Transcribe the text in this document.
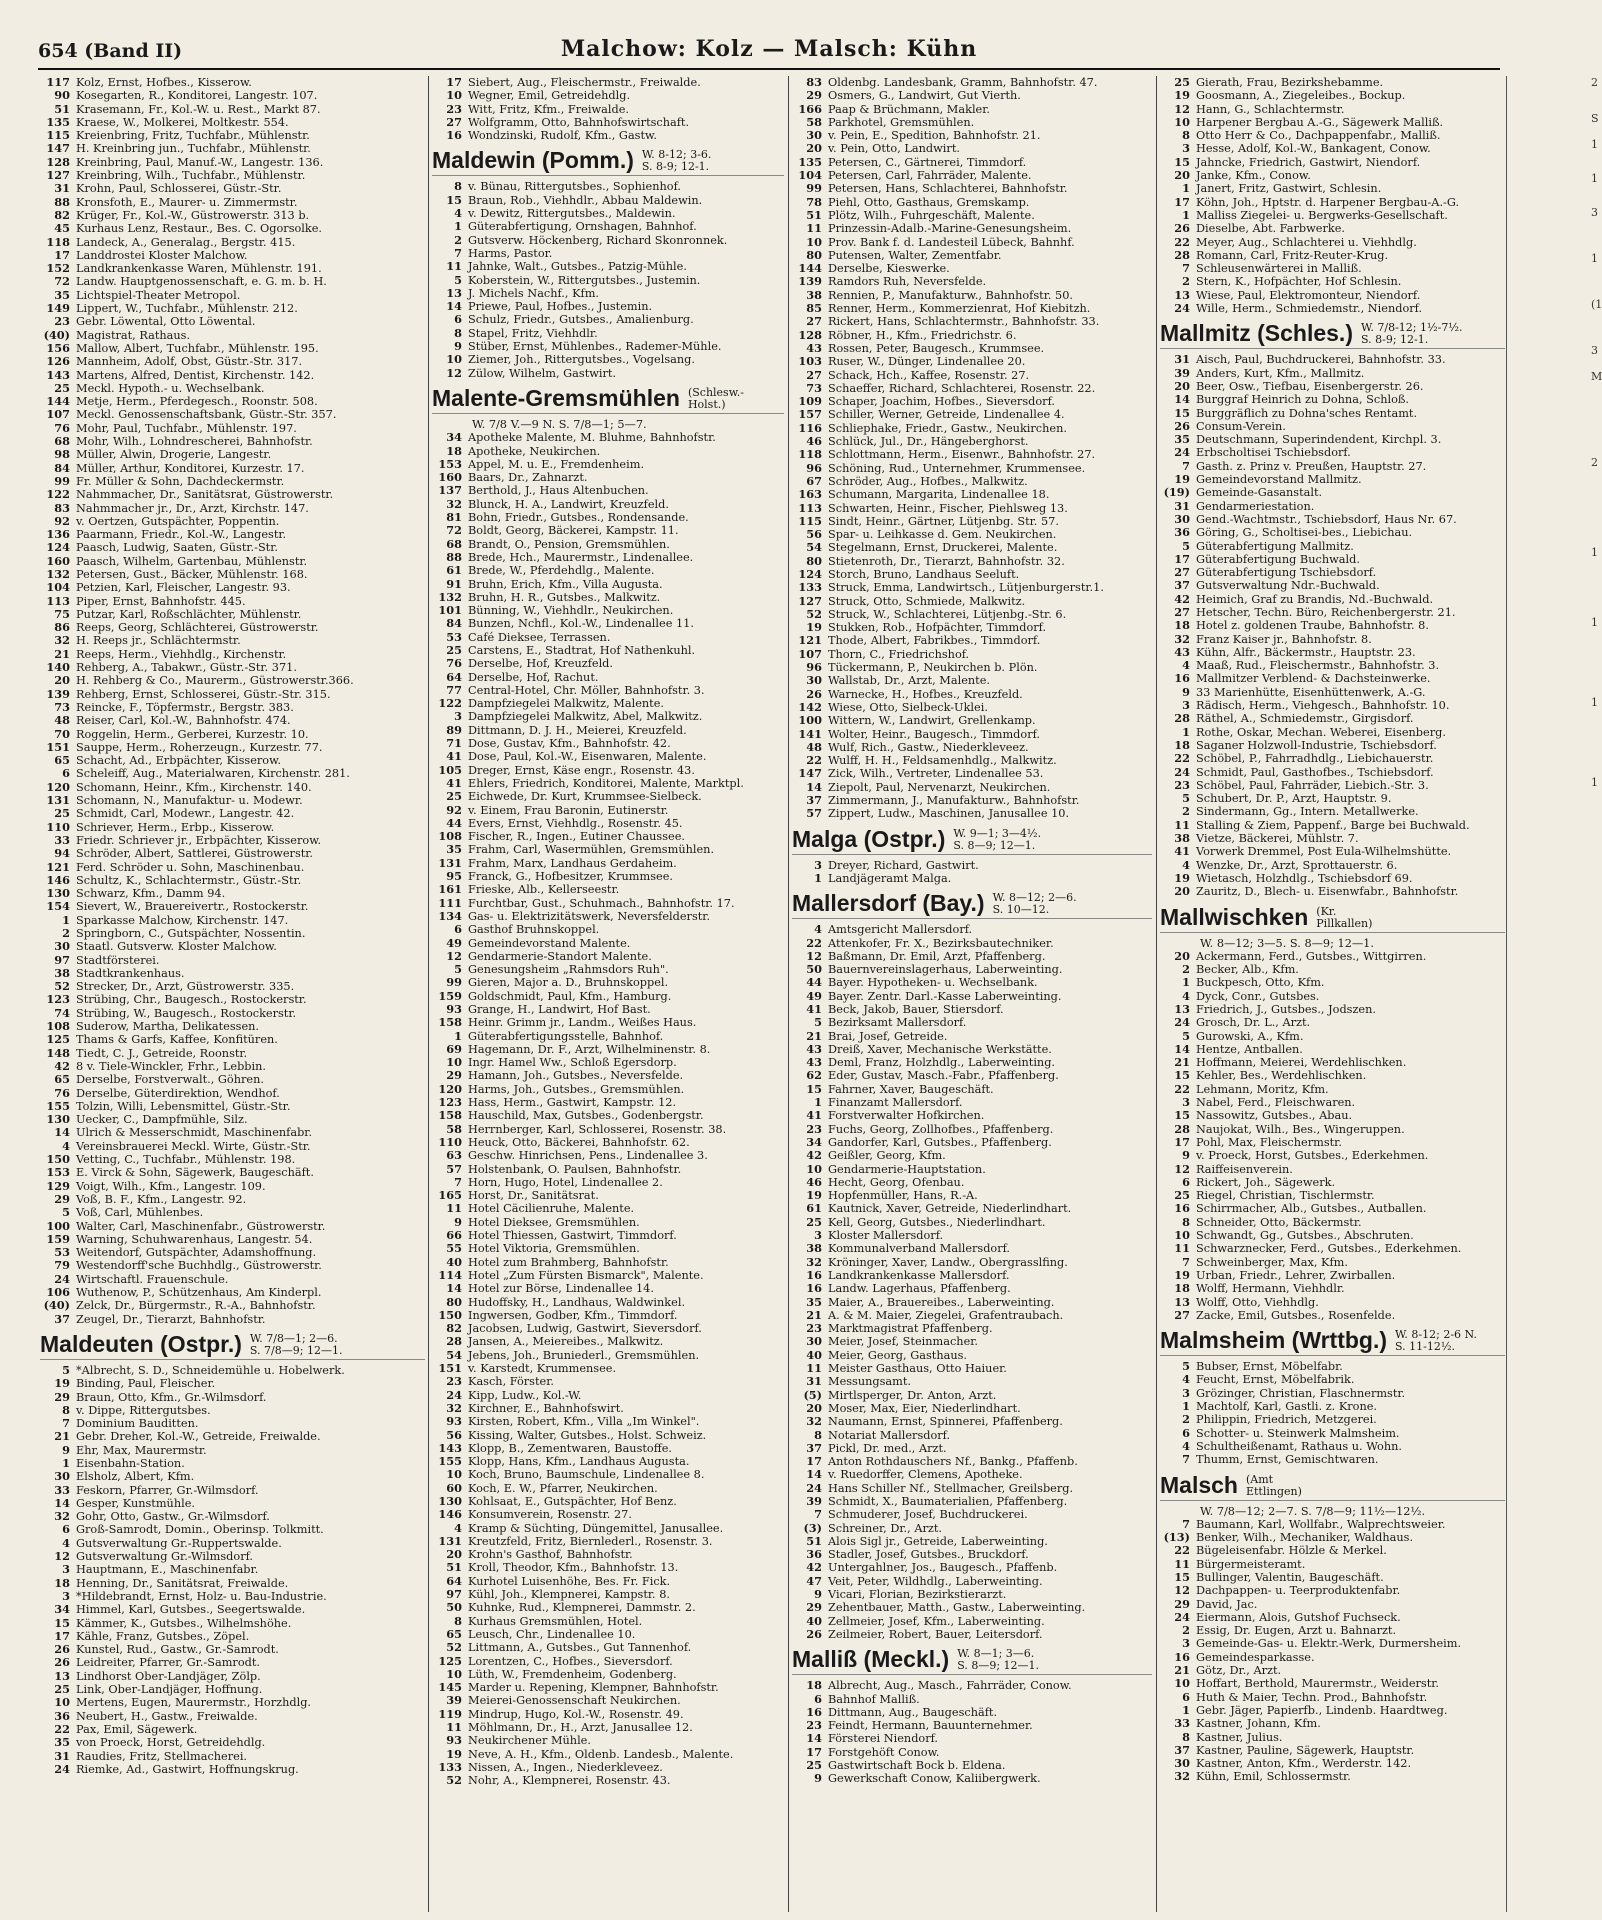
654 (Band II)	Malchow: Kolz — Malsch: Kühn
117 Kolz, Ernst, Hofbes., Kisserow.
90 Kosegarten, R., Konditorei, Langestr. 107.
51 Krasemann, Fr., Kol.-W. u. Rest., Markt 87.
135 Kraese, W., Molkerei, Moltkestr. 554.
115 Kreienbring, Fritz, Tuchfabr., Mühlenstr.
147 H. Kreinbring jun., Tuchfabr., Mühlenstr.
128 Kreinbring, Paul, Manuf.-W., Langestr. 136.
127 Kreinbring, Wilh., Tuchfabr., Mühlenstr.
31 Krohn, Paul, Schlosserei, Güstr.-Str.
88 Kronsfoth, E., Maurer- u. Zimmermstr.
82 Krüger, Fr., Kol.-W., Güstrowerstr. 313 b.
45 Kurhaus Lenz, Restaur., Bes. C. Ogorsolke.
118 Landeck, A., Generalag., Bergstr. 415.
17 Landdrostei Kloster Malchow.
152 Landkrankenkasse Waren, Mühlenstr. 191.
72 Landw. Hauptgenossenschaft, e. G. m. b. H.
35 Lichtspiel-Theater Metropol.
149 Lippert, W., Tuchfabr., Mühlenstr. 212.
23 Gebr. Löwental, Otto Löwental.
(40) Magistrat, Rathaus.
156 Mallow, Albert, Tuchfabr., Mühlenstr. 195.
126 Mannheim, Adolf, Obst, Güstr.-Str. 317.
143 Martens, Alfred, Dentist, Kirchenstr. 142.
25 Meckl. Hypoth.- u. Wechselbank.
144 Metje, Herm., Pferdegesch., Roonstr. 508.
107 Meckl. Genossenschaftsbank, Güstr.-Str. 357.
76 Mohr, Paul, Tuchfabr., Mühlenstr. 197.
68 Mohr, Wilh., Lohndrescherei, Bahnhofstr.
98 Müller, Alwin, Drogerie, Langestr.
84 Müller, Arthur, Konditorei, Kurzestr. 17.
99 Fr. Müller & Sohn, Dachdeckermstr.
122 Nahmmacher, Dr., Sanitätsrat, Güstrowerstr.
83 Nahmmacher jr., Dr., Arzt, Kirchstr. 147.
92 v. Oertzen, Gutspächter, Poppentin.
136 Paarmann, Friedr., Kol.-W., Langestr.
124 Paasch, Ludwig, Saaten, Güstr.-Str.
160 Paasch, Wilhelm, Gartenbau, Mühlenstr.
132 Petersen, Gust., Bäcker, Mühlenstr. 168.
104 Petzien, Karl, Fleischer, Langestr. 93.
113 Piper, Ernst, Bahnhofstr. 445.
75 Putzar, Karl, Roßschlächter, Mühlenstr.
86 Reeps, Georg, Schlächterei, Güstrowerstr.
32 H. Reeps jr., Schlächtermstr.
21 Reeps, Herm., Viehhdlg., Kirchenstr.
140 Rehberg, A., Tabakwr., Güstr.-Str. 371.
20 H. Rehberg & Co., Maurerm., Güstrowerstr.366.
139 Rehberg, Ernst, Schlosserei, Güstr.-Str. 315.
73 Reincke, F., Töpfermstr., Bergstr. 383.
48 Reiser, Carl, Kol.-W., Bahnhofstr. 474.
70 Roggelin, Herm., Gerberei, Kurzestr. 10.
151 Sauppe, Herm., Roherzeugn., Kurzestr. 77.
65 Schacht, Ad., Erbpächter, Kisserow.
6 Scheleiff, Aug., Materialwaren, Kirchenstr. 281.
120 Schomann, Heinr., Kfm., Kirchenstr. 140.
131 Schomann, N., Manufaktur- u. Modewr.
25 Schmidt, Carl, Modewr., Langestr. 42.
110 Schriever, Herm., Erbp., Kisserow.
33 Friedr. Schriever jr., Erbpächter, Kisserow.
94 Schröder, Albert, Sattlerei, Güstrowerstr.
121 Ferd. Schröder u. Sohn, Maschinenbau.
146 Schultz, K., Schlachtermstr., Güstr.-Str.
130 Schwarz, Kfm., Damm 94.
154 Sievert, W., Brauereivertr., Rostockerstr.
1 Sparkasse Malchow, Kirchenstr. 147.
2 Springborn, C., Gutspächter, Nossentin.
30 Staatl. Gutsverw. Kloster Malchow.
97 Stadtförsterei.
38 Stadtkrankenhaus.
52 Strecker, Dr., Arzt, Güstrowerstr. 335.
123 Strübing, Chr., Baugesch., Rostockerstr.
74 Strübing, W., Baugesch., Rostockerstr.
108 Suderow, Martha, Delikatessen.
125 Thams & Garfs, Kaffee, Konfitüren.
148 Tiedt, C. J., Getreide, Roonstr.
42 8 v. Tiele-Winckler, Frhr., Lebbin.
65 Derselbe, Forstverwalt., Göhren.
76 Derselbe, Güterdirektion, Wendhof.
155 Tolzin, Willi, Lebensmittel, Güstr.-Str.
130 Uecker, C., Dampfmühle, Silz.
14 Ulrich & Messerschmidt, Maschinenfabr.
4 Vereinsbrauerei Meckl. Wirte, Güstr.-Str.
150 Vetting, C., Tuchfabr., Mühlenstr. 198.
153 E. Virck & Sohn, Sägewerk, Baugeschäft.
129 Voigt, Wilh., Kfm., Langestr. 109.
29 Voß, B. F., Kfm., Langestr. 92.
5 Voß, Carl, Mühlenbes.
100 Walter, Carl, Maschinenfabr., Güstrowerstr.
159 Warning, Schuhwarenhaus, Langestr. 54.
53 Weitendorf, Gutspächter, Adamshoffnung.
79 Westendorff'sche Buchhdlg., Güstrowerstr.
24 Wirtschaftl. Frauenschule.
106 Wuthenow, P., Schützenhaus, Am Kinderpl.
(40) Zelck, Dr., Bürgermstr., R.-A., Bahnhofstr.
37 Zeugel, Dr., Tierarzt, Bahnhofstr.
Maldeuten (Ostpr.) W. 7/8—1; 2—6.
S. 7/8—9; 12—1.
5 *Albrecht, S. D., Schneidemühle u. Hobelwerk.
19 Binding, Paul, Fleischer.
29 Braun, Otto, Kfm., Gr.-Wilmsdorf.
8 v. Dippe, Rittergutsbes.
7 Dominium Bauditten.
21 Gebr. Dreher, Kol.-W., Getreide, Freiwalde.
9 Ehr, Max, Maurermstr.
1 Eisenbahn-Station.
30 Elsholz, Albert, Kfm.
33 Feskorn, Pfarrer, Gr.-Wilmsdorf.
14 Gesper, Kunstmühle.
32 Gohr, Otto, Gastw., Gr.-Wilmsdorf.
6 Groß-Samrodt, Domin., Oberinsp. Tolkmitt.
4 Gutsverwaltung Gr.-Ruppertswalde.
12 Gutsverwaltung Gr.-Wilmsdorf.
3 Hauptmann, E., Maschinenfabr.
18 Henning, Dr., Sanitätsrat, Freiwalde.
3 *Hildebrandt, Ernst, Holz- u. Bau-Industrie.
34 Himmel, Karl, Gutsbes., Seegertswalde.
15 Kämmer, K., Gutsbes., Wilhelmshöhe.
17 Kähle, Franz, Gutsbes., Zöpel.
26 Kunstel, Rud., Gastw., Gr.-Samrodt.
26 Leidreiter, Pfarrer, Gr.-Samrodt.
13 Lindhorst Ober-Landjäger, Zölp.
25 Link, Ober-Landjäger, Hoffnung.
10 Mertens, Eugen, Maurermstr., Horzhdlg.
36 Neubert, H., Gastw., Freiwalde.
22 Pax, Emil, Sägewerk.
35 von Proeck, Horst, Getreidehdlg.
31 Raudies, Fritz, Stellmacherei.
24 Riemke, Ad., Gastwirt, Hoffnungskrug.
17 Siebert, Aug., Fleischermstr., Freiwalde.
10 Wegner, Emil, Getreidehdlg.
23 Witt, Fritz, Kfm., Freiwalde.
27 Wolfgramm, Otto, Bahnhofswirtschaft.
16 Wondzinski, Rudolf, Kfm., Gastw.
Maldewin (Pomm.) W. 8-12; 3-6.
S. 8-9; 12-1.
8 v. Bünau, Rittergutsbes., Sophienhof.
15 Braun, Rob., Viehhdlr., Abbau Maldewin.
4 v. Dewitz, Rittergutsbes., Maldewin.
1 Güterabfertigung, Ornshagen, Bahnhof.
2 Gutsverw. Höckenberg, Richard Skonronnek.
7 Harms, Pastor.
11 Jahnke, Walt., Gutsbes., Patzig-Mühle.
5 Koberstein, W., Rittergutsbes., Justemin.
13 J. Michels Nachf., Kfm.
14 Priewe, Paul, Hofbes., Justemin.
6 Schulz, Friedr., Gutsbes., Amalienburg.
8 Stapel, Fritz, Viehhdlr.
9 Stüber, Ernst, Mühlenbes., Rademer-Mühle.
10 Ziemer, Joh., Rittergutsbes., Vogelsang.
12 Zülow, Wilhelm, Gastwirt.
Malente-Gremsmühlen (Schlesw.-
Holst.)
W. 7/8 V.—9 N. S. 7/8—1; 5—7.
34 Apotheke Malente, M. Bluhme, Bahnhofstr.
18 Apotheke, Neukirchen.
153 Appel, M. u. E., Fremdenheim.
160 Baars, Dr., Zahnarzt.
137 Berthold, J., Haus Altenbuchen.
32 Blunck, H. A., Landwirt, Kreuzfeld.
81 Bohn, Friedr., Gutsbes., Rondensande.
72 Boldt, Georg, Bäckerei, Kampstr. 11.
68 Brandt, O., Pension, Gremsmühlen.
88 Brede, Hch., Maurermstr., Lindenallee.
61 Brede, W., Pferdehdlg., Malente.
91 Bruhn, Erich, Kfm., Villa Augusta.
132 Bruhn, H. R., Gutsbes., Malkwitz.
101 Bünning, W., Viehhdlr., Neukirchen.
84 Bunzen, Nchfl., Kol.-W., Lindenallee 11.
53 Café Dieksee, Terrassen.
25 Carstens, E., Stadtrat, Hof Nathenkuhl.
76 Derselbe, Hof, Kreuzfeld.
64 Derselbe, Hof, Rachut.
77 Central-Hotel, Chr. Möller, Bahnhofstr. 3.
122 Dampfziegelei Malkwitz, Malente.
3 Dampfziegelei Malkwitz, Abel, Malkwitz.
89 Dittmann, D. J. H., Meierei, Kreuzfeld.
71 Dose, Gustav, Kfm., Bahnhofstr. 42.
41 Dose, Paul, Kol.-W., Eisenwaren, Malente.
105 Dreger, Ernst, Käse engr., Rosenstr. 43.
41 Ehlers, Friedrich, Konditorei, Malente, Marktpl.
25 Eichwede, Dr. Kurt, Krummsee-Sielbeck.
92 v. Einem, Frau Baronin, Eutinerstr.
44 Evers, Ernst, Viehhdlg., Rosenstr. 45.
108 Fischer, R., Ingen., Eutiner Chaussee.
35 Frahm, Carl, Wasermühlen, Gremsmühlen.
131 Frahm, Marx, Landhaus Gerdaheim.
95 Franck, G., Hofbesitzer, Krummsee.
161 Frieske, Alb., Kellerseestr.
111 Furchtbar, Gust., Schuhmach., Bahnhofstr. 17.
134 Gas- u. Elektrizitätswerk, Neversfelderstr.
6 Gasthof Bruhnskoppel.
49 Gemeindevorstand Malente.
12 Gendarmerie-Standort Malente.
5 Genesungsheim „Rahmsdors Ruh".
99 Gieren, Major a. D., Bruhnskoppel.
159 Goldschmidt, Paul, Kfm., Hamburg.
93 Grange, H., Landwirt, Hof Bast.
158 Heinr. Grimm jr., Landm., Weißes Haus.
1 Güterabfertigungsstelle, Bahnhof.
69 Hagemann, Dr. F., Arzt, Wilhelminenstr. 8.
10 Ingr. Hamel Ww., Schloß Egersdorp.
29 Hamann, Joh., Gutsbes., Neversfelde.
120 Harms, Joh., Gutsbes., Gremsmühlen.
123 Hass, Herm., Gastwirt, Kampstr. 12.
158 Hauschild, Max, Gutsbes., Godenbergstr.
58 Herrnberger, Karl, Schlosserei, Rosenstr. 38.
110 Heuck, Otto, Bäckerei, Bahnhofstr. 62.
63 Geschw. Hinrichsen, Pens., Lindenallee 3.
57 Holstenbank, O. Paulsen, Bahnhofstr.
7 Horn, Hugo, Hotel, Lindenallee 2.
165 Horst, Dr., Sanitätsrat.
11 Hotel Cäcilienruhe, Malente.
9 Hotel Dieksee, Gremsmühlen.
66 Hotel Thiessen, Gastwirt, Timmdorf.
55 Hotel Viktoria, Gremsmühlen.
40 Hotel zum Brahmberg, Bahnhofstr.
114 Hotel „Zum Fürsten Bismarck", Malente.
14 Hotel zur Börse, Lindenallee 14.
80 Hudoffsky, H., Landhaus, Waldwinkel.
150 Ingwersen, Godber, Kfm., Timmdorf.
82 Jacobsen, Ludwig, Gastwirt, Sieversdorf.
28 Jansen, A., Meiereibes., Malkwitz.
54 Jebens, Joh., Bruniederl., Gremsmühlen.
151 v. Karstedt, Krummensee.
23 Kasch, Förster.
24 Kipp, Ludw., Kol.-W.
32 Kirchner, E., Bahnhofswirt.
93 Kirsten, Robert, Kfm., Villa „Im Winkel".
56 Kissing, Walter, Gutsbes., Holst. Schweiz.
143 Klopp, B., Zementwaren, Baustoffe.
155 Klopp, Hans, Kfm., Landhaus Augusta.
10 Koch, Bruno, Baumschule, Lindenallee 8.
60 Koch, E. W., Pfarrer, Neukirchen.
130 Kohlsaat, E., Gutspächter, Hof Benz.
146 Konsumverein, Rosenstr. 27.
4 Kramp & Süchting, Düngemittel, Janusallee.
131 Kreutzfeld, Fritz, Biernlederl., Rosenstr. 3.
20 Krohn's Gasthof, Bahnhofstr.
51 Kroll, Theodor, Kfm., Bahnhofstr. 13.
64 Kurhotel Luisenhöhe, Bes. Fr. Fick.
97 Kühl, Joh., Klempnerei, Kampstr. 8.
50 Kuhnke, Rud., Klempnerei, Dammstr. 2.
8 Kurhaus Gremsmühlen, Hotel.
65 Leusch, Chr., Lindenallee 10.
52 Littmann, A., Gutsbes., Gut Tannenhof.
125 Lorentzen, C., Hofbes., Sieversdorf.
10 Lüth, W., Fremdenheim, Godenberg.
145 Marder u. Repening, Klempner, Bahnhofstr.
39 Meierei-Genossenschaft Neukirchen.
119 Mindrup, Hugo, Kol.-W., Rosenstr. 49.
11 Möhlmann, Dr., H., Arzt, Janusallee 12.
93 Neukirchener Mühle.
19 Neve, A. H., Kfm., Oldenb. Landesb., Malente.
133 Nissen, A., Ingen., Niederkleveez.
52 Nohr, A., Klempnerei, Rosenstr. 43.
83 Oldenbg. Landesbank, Gramm, Bahnhofstr. 47.
29 Osmers, G., Landwirt, Gut Vierth.
166 Paap & Brüchmann, Makler.
58 Parkhotel, Gremsmühlen.
30 v. Pein, E., Spedition, Bahnhofstr. 21.
20 v. Pein, Otto, Landwirt.
135 Petersen, C., Gärtnerei, Timmdorf.
104 Petersen, Carl, Fahrräder, Malente.
99 Petersen, Hans, Schlachterei, Bahnhofstr.
78 Piehl, Otto, Gasthaus, Gremskamp.
51 Plötz, Wilh., Fuhrgeschäft, Malente.
11 Prinzessin-Adalb.-Marine-Genesungsheim.
10 Prov. Bank f. d. Landesteil Lübeck, Bahnhf.
80 Putensen, Walter, Zementfabr.
144 Derselbe, Kieswerke.
139 Ramdors Ruh, Neversfelde.
38 Rennien, P., Manufakturw., Bahnhofstr. 50.
85 Renner, Herm., Kommerzienrat, Hof Kiebitzh.
27 Rickert, Hans, Schlachtermstr., Bahnhofstr. 33.
128 Röbner, H., Kfm., Friedrichstr. 6.
43 Rossen, Peter, Baugesch., Krummsee.
103 Ruser, W., Dünger, Lindenallee 20.
27 Schack, Hch., Kaffee, Rosenstr. 27.
73 Schaeffer, Richard, Schlachterei, Rosenstr. 22.
109 Schaper, Joachim, Hofbes., Sieversdorf.
157 Schiller, Werner, Getreide, Lindenallee 4.
116 Schliephake, Friedr., Gastw., Neukirchen.
46 Schlück, Jul., Dr., Hängeberghorst.
118 Schlottmann, Herm., Eisenwr., Bahnhofstr. 27.
96 Schöning, Rud., Unternehmer, Krummensee.
67 Schröder, Aug., Hofbes., Malkwitz.
163 Schumann, Margarita, Lindenallee 18.
113 Schwarten, Heinr., Fischer, Piehlsweg 13.
115 Sindt, Heinr., Gärtner, Lütjenbg. Str. 57.
56 Spar- u. Leihkasse d. Gem. Neukirchen.
54 Stegelmann, Ernst, Druckerei, Malente.
80 Stietenroth, Dr., Tierarzt, Bahnhofstr. 32.
124 Storch, Bruno, Landhaus Seeluft.
133 Struck, Emma, Landwirtsch., Lütjenburgerstr.1.
127 Struck, Otto, Schmiede, Malkwitz.
52 Struck, W., Schlachterei, Lütjenbg.-Str. 6.
19 Stukken, Rob., Hofpächter, Timmdorf.
121 Thode, Albert, Fabrikbes., Timmdorf.
107 Thorn, C., Friedrichshof.
96 Tückermann, P., Neukirchen b. Plön.
30 Wallstab, Dr., Arzt, Malente.
26 Warnecke, H., Hofbes., Kreuzfeld.
142 Wiese, Otto, Sielbeck-Uklei.
100 Wittern, W., Landwirt, Grellenkamp.
141 Wolter, Heinr., Baugesch., Timmdorf.
48 Wulf, Rich., Gastw., Niederkleveez.
22 Wulff, H. H., Feldsamenhdlg., Malkwitz.
147 Zick, Wilh., Vertreter, Lindenallee 53.
14 Ziepolt, Paul, Nervenarzt, Neukirchen.
37 Zimmermann, J., Manufakturw., Bahnhofstr.
57 Zippert, Ludw., Maschinen, Janusallee 10.
Malga (Ostpr.) W. 9—1; 3—4½.
S. 8—9; 12—1.
3 Dreyer, Richard, Gastwirt.
1 Landjägeramt Malga.
Mallersdorf (Bay.) W. 8—12; 2—6.
S. 10—12.
4 Amtsgericht Mallersdorf.
22 Attenkofer, Fr. X., Bezirksbautechniker.
12 Baßmann, Dr. Emil, Arzt, Pfaffenberg.
50 Bauernvereinslagerhaus, Laberweinting.
44 Bayer. Hypotheken- u. Wechselbank.
49 Bayer. Zentr. Darl.-Kasse Laberweinting.
41 Beck, Jakob, Bauer, Stiersdorf.
5 Bezirksamt Mallersdorf.
21 Brai, Josef, Getreide.
43 Dreiß, Xaver, Mechanische Werkstätte.
43 Deml, Franz, Holzhdlg., Laberweinting.
62 Eder, Gustav, Masch.-Fabr., Pfaffenberg.
15 Fahrner, Xaver, Baugeschäft.
1 Finanzamt Mallersdorf.
41 Forstverwalter Hofkirchen.
23 Fuchs, Georg, Zollhofbes., Pfaffenberg.
34 Gandorfer, Karl, Gutsbes., Pfaffenberg.
42 Geißler, Georg, Kfm.
10 Gendarmerie-Hauptstation.
46 Hecht, Georg, Ofenbau.
19 Hopfenmüller, Hans, R.-A.
61 Kautnick, Xaver, Getreide, Niederlindhart.
25 Kell, Georg, Gutsbes., Niederlindhart.
3 Kloster Mallersdorf.
38 Kommunalverband Mallersdorf.
32 Kröninger, Xaver, Landw., Obergrasslfing.
16 Landkrankenkasse Mallersdorf.
16 Landw. Lagerhaus, Pfaffenberg.
35 Maier, A., Brauereibes., Laberweinting.
21 A. & M. Maier, Ziegelei, Grafentraubach.
23 Marktmagistrat Pfaffenberg.
30 Meier, Josef, Steinmacher.
40 Meier, Georg, Gasthaus.
11 Meister Gasthaus, Otto Haiuer.
31 Messungsamt.
(5) Mirtlsperger, Dr. Anton, Arzt.
20 Moser, Max, Eier, Niederlindhart.
32 Naumann, Ernst, Spinnerei, Pfaffenberg.
8 Notariat Mallersdorf.
37 Pickl, Dr. med., Arzt.
17 Anton Rothdauschers Nf., Bankg., Pfaffenb.
14 v. Ruedorffer, Clemens, Apotheke.
24 Hans Schiller Nf., Stellmacher, Greilsberg.
39 Schmidt, X., Baumaterialien, Pfaffenberg.
7 Schmuderer, Josef, Buchdruckerei.
(3) Schreiner, Dr., Arzt.
51 Alois Sigl jr., Getreide, Laberweinting.
36 Stadler, Josef, Gutsbes., Bruckdorf.
42 Untergahlner, Jos., Baugesch., Pfaffenb.
47 Veit, Peter, Wildhdlg., Laberweinting.
9 Vicari, Florian, Bezirkstierarzt.
29 Zehentbauer, Matth., Gastw., Laberweinting.
40 Zellmeier, Josef, Kfm., Laberweinting.
26 Zeilmeier, Robert, Bauer, Leitersdorf.
Malliß (Meckl.) W. 8—1; 3—6.
S. 8—9; 12—1.
18 Albrecht, Aug., Masch., Fahrräder, Conow.
6 Bahnhof Malliß.
16 Dittmann, Aug., Baugeschäft.
23 Feindt, Hermann, Bauunternehmer.
14 Försterei Niendorf.
17 Forstgehöft Conow.
25 Gastwirtschaft Bock b. Eldena.
9 Gewerkschaft Conow, Kaliibergwerk.
25 Gierath, Frau, Bezirkshebamme.
19 Goosmann, A., Ziegeleibes., Bockup.
12 Hann, G., Schlachtermstr.
10 Harpener Bergbau A.-G., Sägewerk Malliß.
8 Otto Herr & Co., Dachpappenfabr., Malliß.
3 Hesse, Adolf, Kol.-W., Bankagent, Conow.
15 Jahncke, Friedrich, Gastwirt, Niendorf.
20 Janke, Kfm., Conow.
1 Janert, Fritz, Gastwirt, Schlesin.
17 Köhn, Joh., Hptstr. d. Harpener Bergbau-A.-G.
1 Malliss Ziegelei- u. Bergwerks-Gesellschaft.
26 Dieselbe, Abt. Farbwerke.
22 Meyer, Aug., Schlachterei u. Viehhdlg.
28 Romann, Carl, Fritz-Reuter-Krug.
7 Schleusenwärterei in Malliß.
2 Stern, K., Hofpächter, Hof Schlesin.
13 Wiese, Paul, Elektromonteur, Niendorf.
24 Wille, Herm., Schmiedemstr., Niendorf.
Mallmitz (Schles.) W. 7/8-12; 1½-7½.
S. 8-9; 12-1.
31 Aisch, Paul, Buchdruckerei, Bahnhofstr. 33.
39 Anders, Kurt, Kfm., Mallmitz.
20 Beer, Osw., Tiefbau, Eisenbergerstr. 26.
14 Burggraf Heinrich zu Dohna, Schloß.
15 Burggräflich zu Dohna'sches Rentamt.
26 Consum-Verein.
35 Deutschmann, Superindendent, Kirchpl. 3.
24 Erbscholtisei Tschiebsdorf.
7 Gasth. z. Prinz v. Preußen, Hauptstr. 27.
19 Gemeindevorstand Mallmitz.
(19) Gemeinde-Gasanstalt.
31 Gendarmeriestation.
30 Gend.-Wachtmstr., Tschiebsdorf, Haus Nr. 67.
36 Göring, G., Scholtisei-bes., Liebichau.
5 Güterabfertigung Mallmitz.
17 Güterabfertigung Buchwald.
27 Güterabfertigung Tschiebsdorf.
37 Gutsverwaltung Ndr.-Buchwald.
42 Heimich, Graf zu Brandis, Nd.-Buchwald.
27 Hetscher, Techn. Büro, Reichenbergerstr. 21.
18 Hotel z. goldenen Traube, Bahnhofstr. 8.
32 Franz Kaiser jr., Bahnhofstr. 8.
43 Kühn, Alfr., Bäckermstr., Hauptstr. 23.
4 Maaß, Rud., Fleischermstr., Bahnhofstr. 3.
16 Mallmitzer Verblend- & Dachsteinwerke.
9 33 Marienhütte, Eisenhüttenwerk, A.-G.
3 Rädisch, Herm., Viehgesch., Bahnhofstr. 10.
28 Räthel, A., Schmiedemstr., Girgisdorf.
1 Rothe, Oskar, Mechan. Weberei, Eisenberg.
18 Saganer Holzwoll-Industrie, Tschiebsdorf.
22 Schöbel, P., Fahrradhdlg., Liebichauerstr.
24 Schmidt, Paul, Gasthofbes., Tschiebsdorf.
23 Schöbel, Paul, Fahrräder, Liebich.-Str. 3.
5 Schubert, Dr. P., Arzt, Hauptstr. 9.
2 Sindermann, Gg., Intern. Metallwerke.
11 Stalling & Ziem, Pappenf., Barge bei Buchwald.
38 Vietze, Bäckerei, Mühlstr. 7.
41 Vorwerk Dremmel, Post Eula-Wilhelmshütte.
4 Wenzke, Dr., Arzt, Sprottauerstr. 6.
19 Wietasch, Holzhdlg., Tschiebsdorf 69.
20 Zauritz, D., Blech- u. Eisenwfabr., Bahnhofstr.
Mallwischken (Kr.
Pillkallen)
W. 8—12; 3—5. S. 8—9; 12—1.
20 Ackermann, Ferd., Gutsbes., Wittgirren.
2 Becker, Alb., Kfm.
1 Buckpesch, Otto, Kfm.
4 Dyck, Conr., Gutsbes.
13 Friedrich, J., Gutsbes., Jodszen.
24 Grosch, Dr. L., Arzt.
5 Gurowski, A., Kfm.
14 Hentze, Antballen.
21 Hoffmann, Meierei, Werdehlischken.
15 Kehler, Bes., Werdehlischken.
22 Lehmann, Moritz, Kfm.
3 Nabel, Ferd., Fleischwaren.
15 Nassowitz, Gutsbes., Abau.
28 Naujokat, Wilh., Bes., Wingeruppen.
17 Pohl, Max, Fleischermstr.
9 v. Proeck, Horst, Gutsbes., Ederkehmen.
12 Raiffeisenverein.
6 Rickert, Joh., Sägewerk.
25 Riegel, Christian, Tischlermstr.
16 Schirrmacher, Alb., Gutsbes., Autballen.
8 Schneider, Otto, Bäckermstr.
10 Schwandt, Gg., Gutsbes., Abschruten.
11 Schwarznecker, Ferd., Gutsbes., Ederkehmen.
7 Schweinberger, Max, Kfm.
19 Urban, Friedr., Lehrer, Zwirballen.
18 Wolff, Hermann, Viehhdlr.
13 Wolff, Otto, Viehhdlg.
27 Zacke, Emil, Gutsbes., Rosenfelde.
Malmsheim (Wrttbg.) W. 8-12; 2-6 N.
S. 11-12½.
5 Bubser, Ernst, Möbelfabr.
4 Feucht, Ernst, Möbelfabrik.
3 Grözinger, Christian, Flaschnermstr.
1 Machtolf, Karl, Gastli. z. Krone.
2 Philippin, Friedrich, Metzgerei.
6 Schotter- u. Steinwerk Malmsheim.
4 Schultheißenamt, Rathaus u. Wohn.
7 Thumm, Ernst, Gemischtwaren.
Malsch (Amt
Ettlingen)
W. 7/8—12; 2—7. S. 7/8—9; 11½—12½.
7 Baumann, Karl, Wollfabr., Walprechtsweier.
(13) Benker, Wilh., Mechaniker, Waldhaus.
22 Bügeleisenfabr. Hölzle & Merkel.
11 Bürgermeisteramt.
15 Bullinger, Valentin, Baugeschäft.
12 Dachpappen- u. Teerproduktenfabr.
29 David, Jac.
24 Eiermann, Alois, Gutshof Fuchseck.
2 Essig, Dr. Eugen, Arzt u. Bahnarzt.
3 Gemeinde-Gas- u. Elektr.-Werk, Durmersheim.
16 Gemeindesparkasse.
21 Götz, Dr., Arzt.
10 Hoffart, Berthold, Maurermstr., Weiderstr.
6 Huth & Maier, Techn. Prod., Bahnhofstr.
1 Gebr. Jäger, Papierfb., Lindenb. Haardtweg.
33 Kastner, Johann, Kfm.
8 Kastner, Julius.
37 Kastner, Pauline, Sägewerk, Hauptstr.
30 Kastner, Anton, Kfm., Werderstr. 142.
32 Kühn, Emil, Schlossermstr.
2
S
1
1
3
1
(1
3
M
2
1
1
1
1
